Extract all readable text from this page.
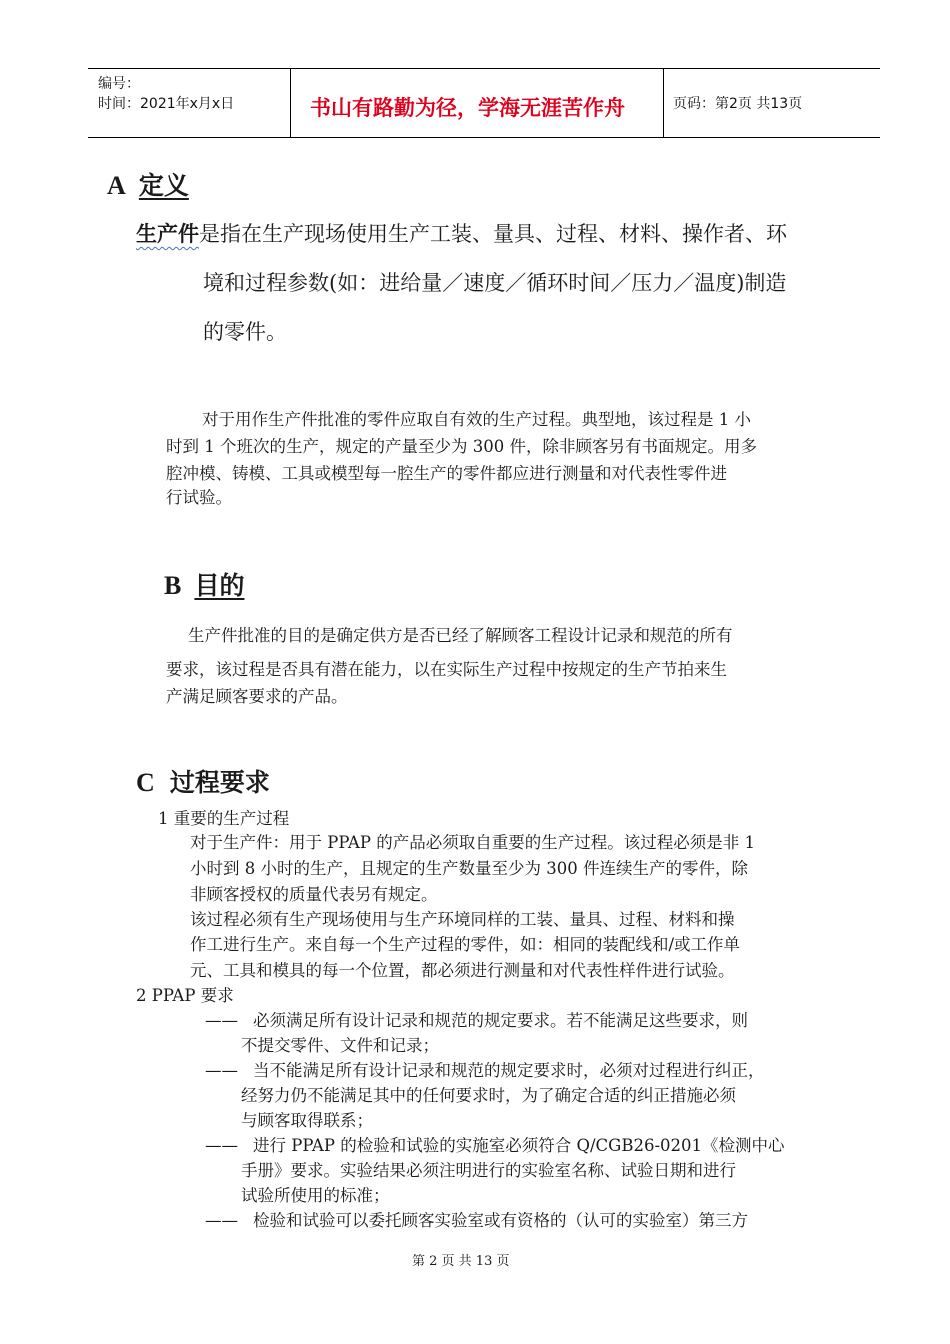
编号：
时间：2021年x月x日	书山有路勤为径，学海无涯苦作舟	页码：第2页 共13页
A 定义
生产件是指在生产现场使用生产工装、量具、过程、材料、操作者、环
境和过程参数(如：进给量／速度／循环时间／压力／温度)制造
的零件。
对于用作生产件批准的零件应取自有效的生产过程。典型地，该过程是 1 小
时到 1 个班次的生产，规定的产量至少为 300 件，除非顾客另有书面规定。用多
腔冲模、铸模、工具或模型每一腔生产的零件都应进行测量和对代表性零件进
行试验。
B 目的
生产件批准的目的是确定供方是否已经了解顾客工程设计记录和规范的所有
要求，该过程是否具有潜在能力，以在实际生产过程中按规定的生产节拍来生
产满足顾客要求的产品。
C 过程要求
1 重要的生产过程
对于生产件：用于 PPAP 的产品必须取自重要的生产过程。该过程必须是非 1
小时到 8 小时的生产，且规定的生产数量至少为 300 件连续生产的零件，除
非顾客授权的质量代表另有规定。
该过程必须有生产现场使用与生产环境同样的工装、量具、过程、材料和操
作工进行生产。来自每一个生产过程的零件，如：相同的装配线和/或工作单
元、工具和模具的每一个位置，都必须进行测量和对代表性样件进行试验。
2 PPAP 要求
—— 必须满足所有设计记录和规范的规定要求。若不能满足这些要求，则
不提交零件、文件和记录；
—— 当不能满足所有设计记录和规范的规定要求时，必须对过程进行纠正，
经努力仍不能满足其中的任何要求时，为了确定合适的纠正措施必须
与顾客取得联系；
—— 进行 PPAP 的检验和试验的实施室必须符合 Q/CGB26-0201《检测中心
手册》要求。实验结果必须注明进行的实验室名称、试验日期和进行
试验所使用的标准；
—— 检验和试验可以委托顾客实验室或有资格的（认可的实验室）第三方
第 2 页 共 13 页
